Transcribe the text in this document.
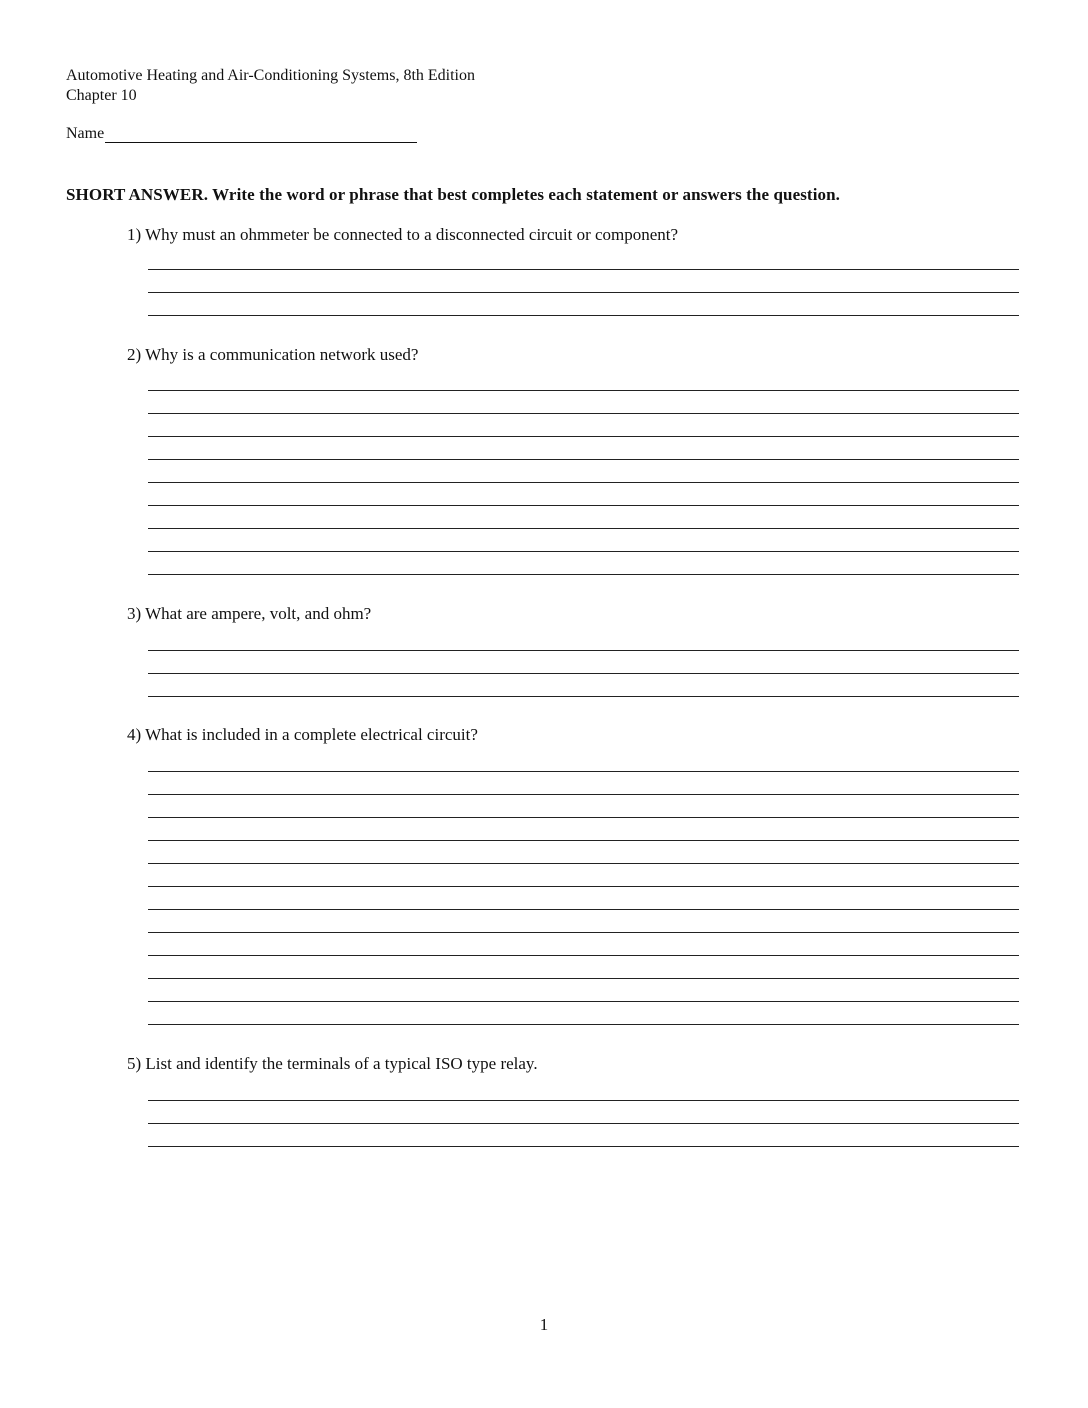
Automotive Heating and Air-Conditioning Systems, 8th Edition
Chapter 10
Name
SHORT ANSWER. Write the word or phrase that best completes each statement or answers the question.
1) Why must an ohmmeter be connected to a disconnected circuit or component?
2) Why is a communication network used?
3) What are ampere, volt, and ohm?
4) What is included in a complete electrical circuit?
5) List and identify the terminals of a typical ISO type relay.
1
